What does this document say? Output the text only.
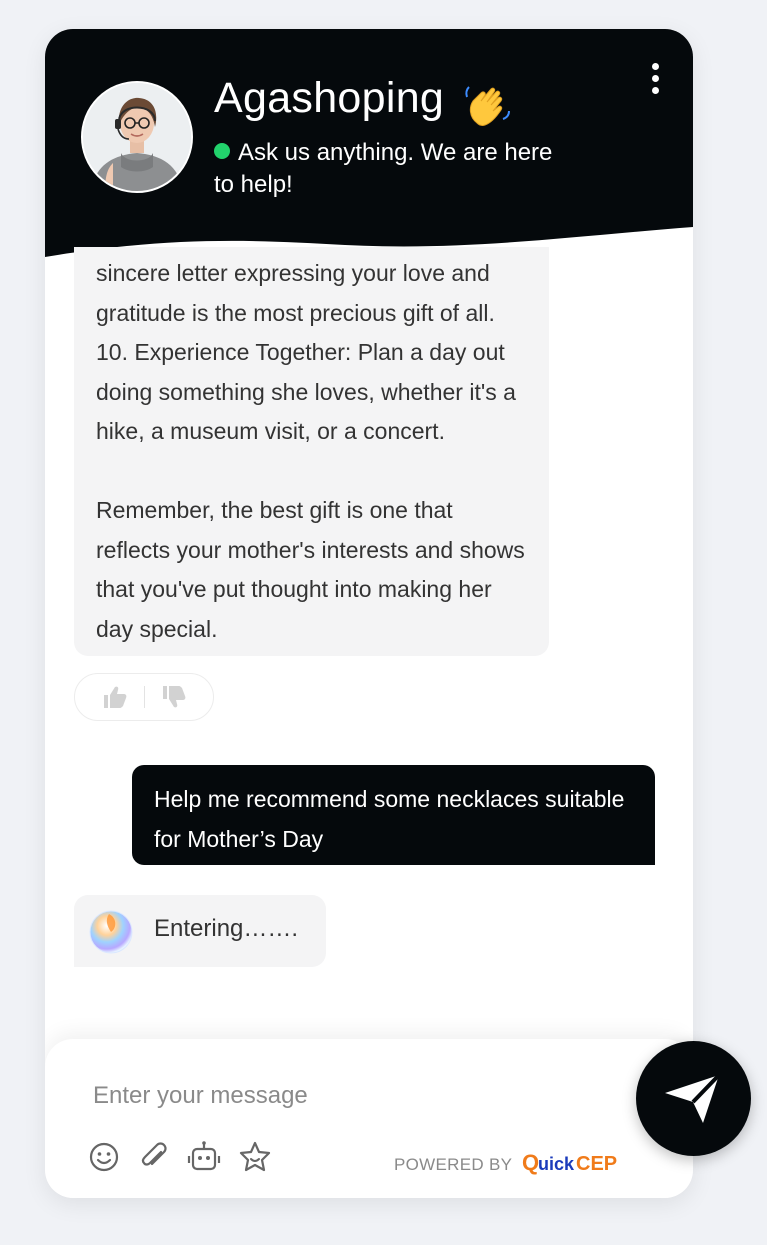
Agashoping
Ask us anything. We are here to help!
sincere letter expressing your love and gratitude is the most precious gift of all.
10. Experience Together: Plan a day out doing something she loves, whether it's a hike, a museum visit, or a concert.

Remember, the best gift is one that reflects your mother's interests and shows that you've put thought into making her day special.
Help me recommend some necklaces suitable for Mother’s Day
Entering…….
Enter your message
POWERED BY Q
uick CEP
